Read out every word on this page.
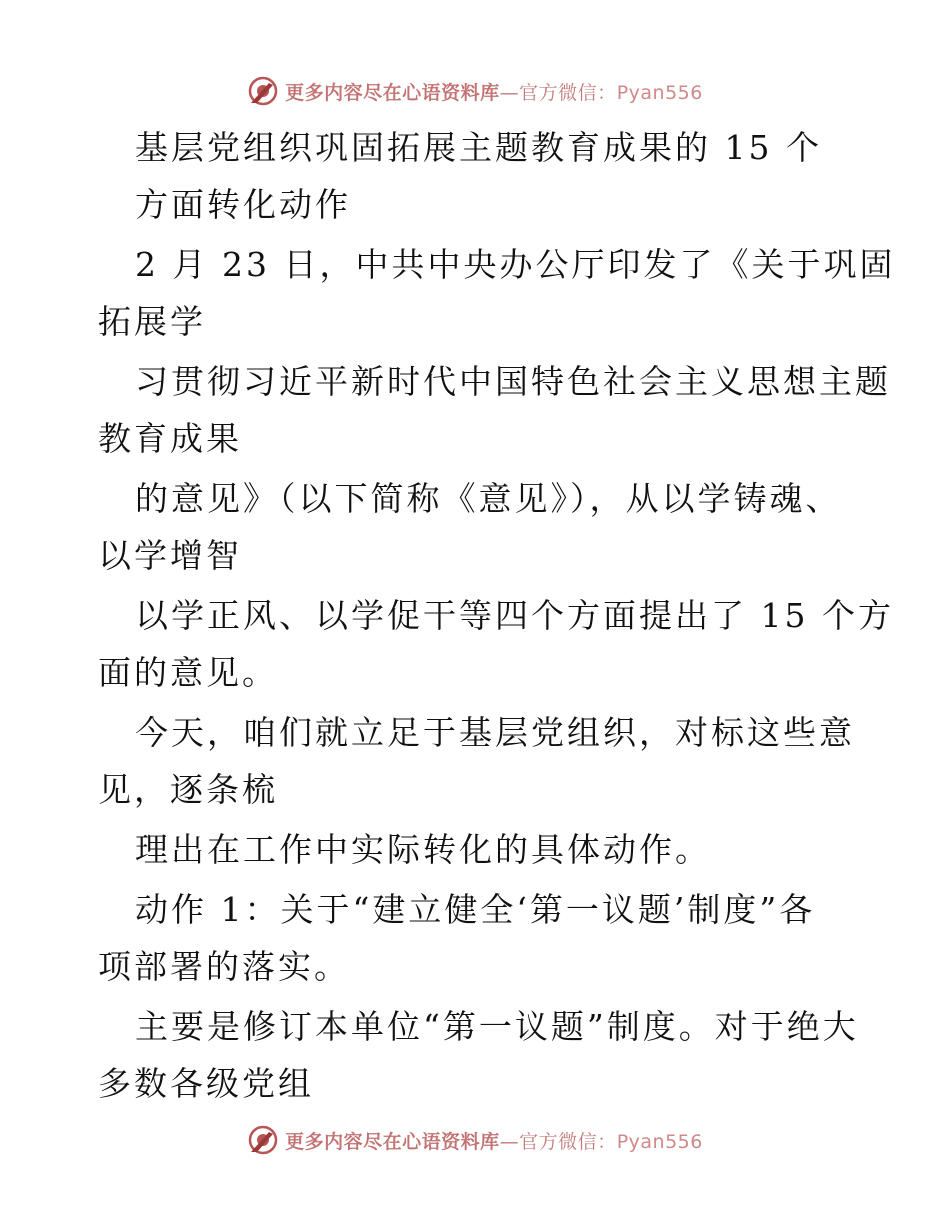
更多内容尽在心语资料库—官方微信：Pyan556
基层党组织巩固拓展主题教育成果的 15 个
方面转化动作
2 月 23 日，中共中央办公厅印发了《关于巩固
拓展学
习贯彻习近平新时代中国特色社会主义思想主题
教育成果
的意见》（以下简称《意见》），从以学铸魂、
以学增智
以学正风、以学促干等四个方面提出了 15 个方
面的意见。
今天，咱们就立足于基层党组织，对标这些意
见，逐条梳
理出在工作中实际转化的具体动作。
动作 1：关于“建立健全‘第一议题’制度”各
项部署的落实。
主要是修订本单位“第一议题”制度。对于绝大
多数各级党组
更多内容尽在心语资料库—官方微信：Pyan556
